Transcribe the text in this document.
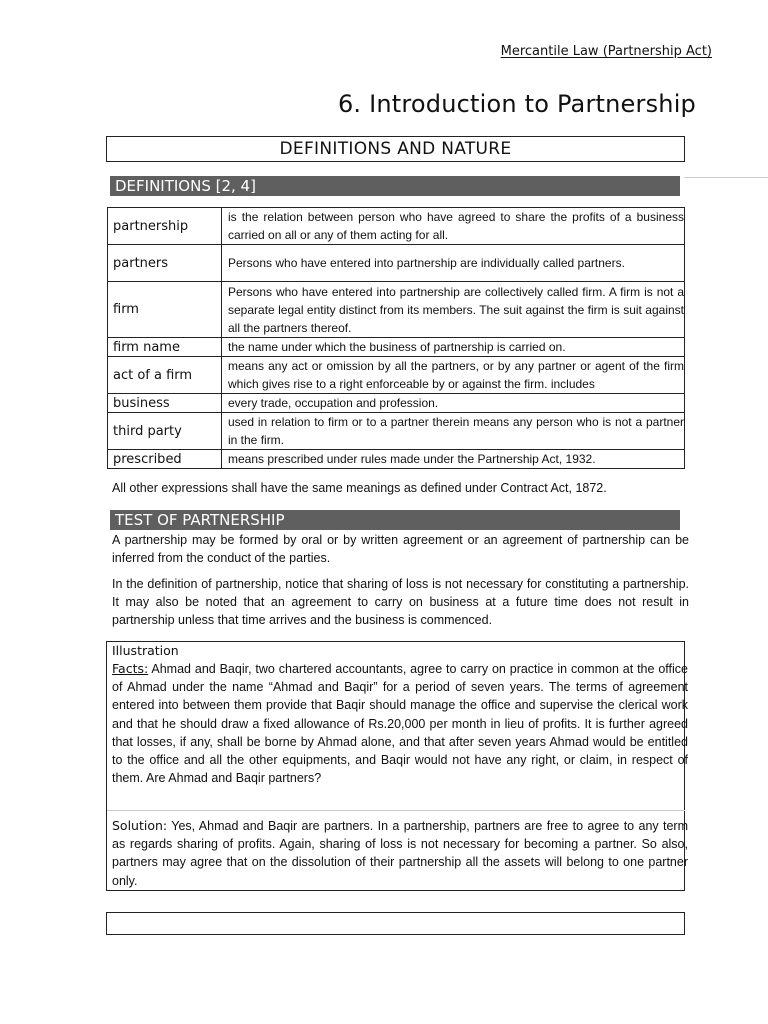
Mercantile Law (Partnership Act)
6. Introduction to Partnership
DEFINITIONS AND NATURE
DEFINITIONS [2, 4]
partnership	is the relation between person who have agreed to share the profits of a business carried on all or any of them acting for all.
partners	Persons who have entered into partnership are individually called partners.
firm	Persons who have entered into partnership are collectively called firm. A firm is not a separate legal entity distinct from its members. The suit against the firm is suit against all the partners thereof.
firm name	the name under which the business of partnership is carried on.
act of a firm	means any act or omission by all the partners, or by any partner or agent of the firm which gives rise to a right enforceable by or against the firm. includes
business	every trade, occupation and profession.
third party	used in relation to firm or to a partner therein means any person who is not a partner in the firm.
prescribed	means prescribed under rules made under the Partnership Act, 1932.
All other expressions shall have the same meanings as defined under Contract Act, 1872.
TEST OF PARTNERSHIP
A partnership may be formed by oral or by written agreement or an agreement of partnership can be inferred from the conduct of the parties.
In the definition of partnership, notice that sharing of loss is not necessary for constituting a partnership. It may also be noted that an agreement to carry on business at a future time does not result in partnership unless that time arrives and the business is commenced.
Illustration
Facts: Ahmad and Baqir, two chartered accountants, agree to carry on practice in common at the office of Ahmad under the name “Ahmad and Baqir” for a period of seven years. The terms of agreement entered into between them provide that Baqir should manage the office and supervise the clerical work and that he should draw a fixed allowance of Rs.20,000 per month in lieu of profits. It is further agreed that losses, if any, shall be borne by Ahmad alone, and that after seven years Ahmad would be entitled to the office and all the other equipments, and Baqir would not have any right, or claim, in respect of them. Are Ahmad and Baqir partners?
Solution: Yes, Ahmad and Baqir are partners. In a partnership, partners are free to agree to any term as regards sharing of profits. Again, sharing of loss is not necessary for becoming a partner. So also, partners may agree that on the dissolution of their partnership all the assets will belong to one partner only.
